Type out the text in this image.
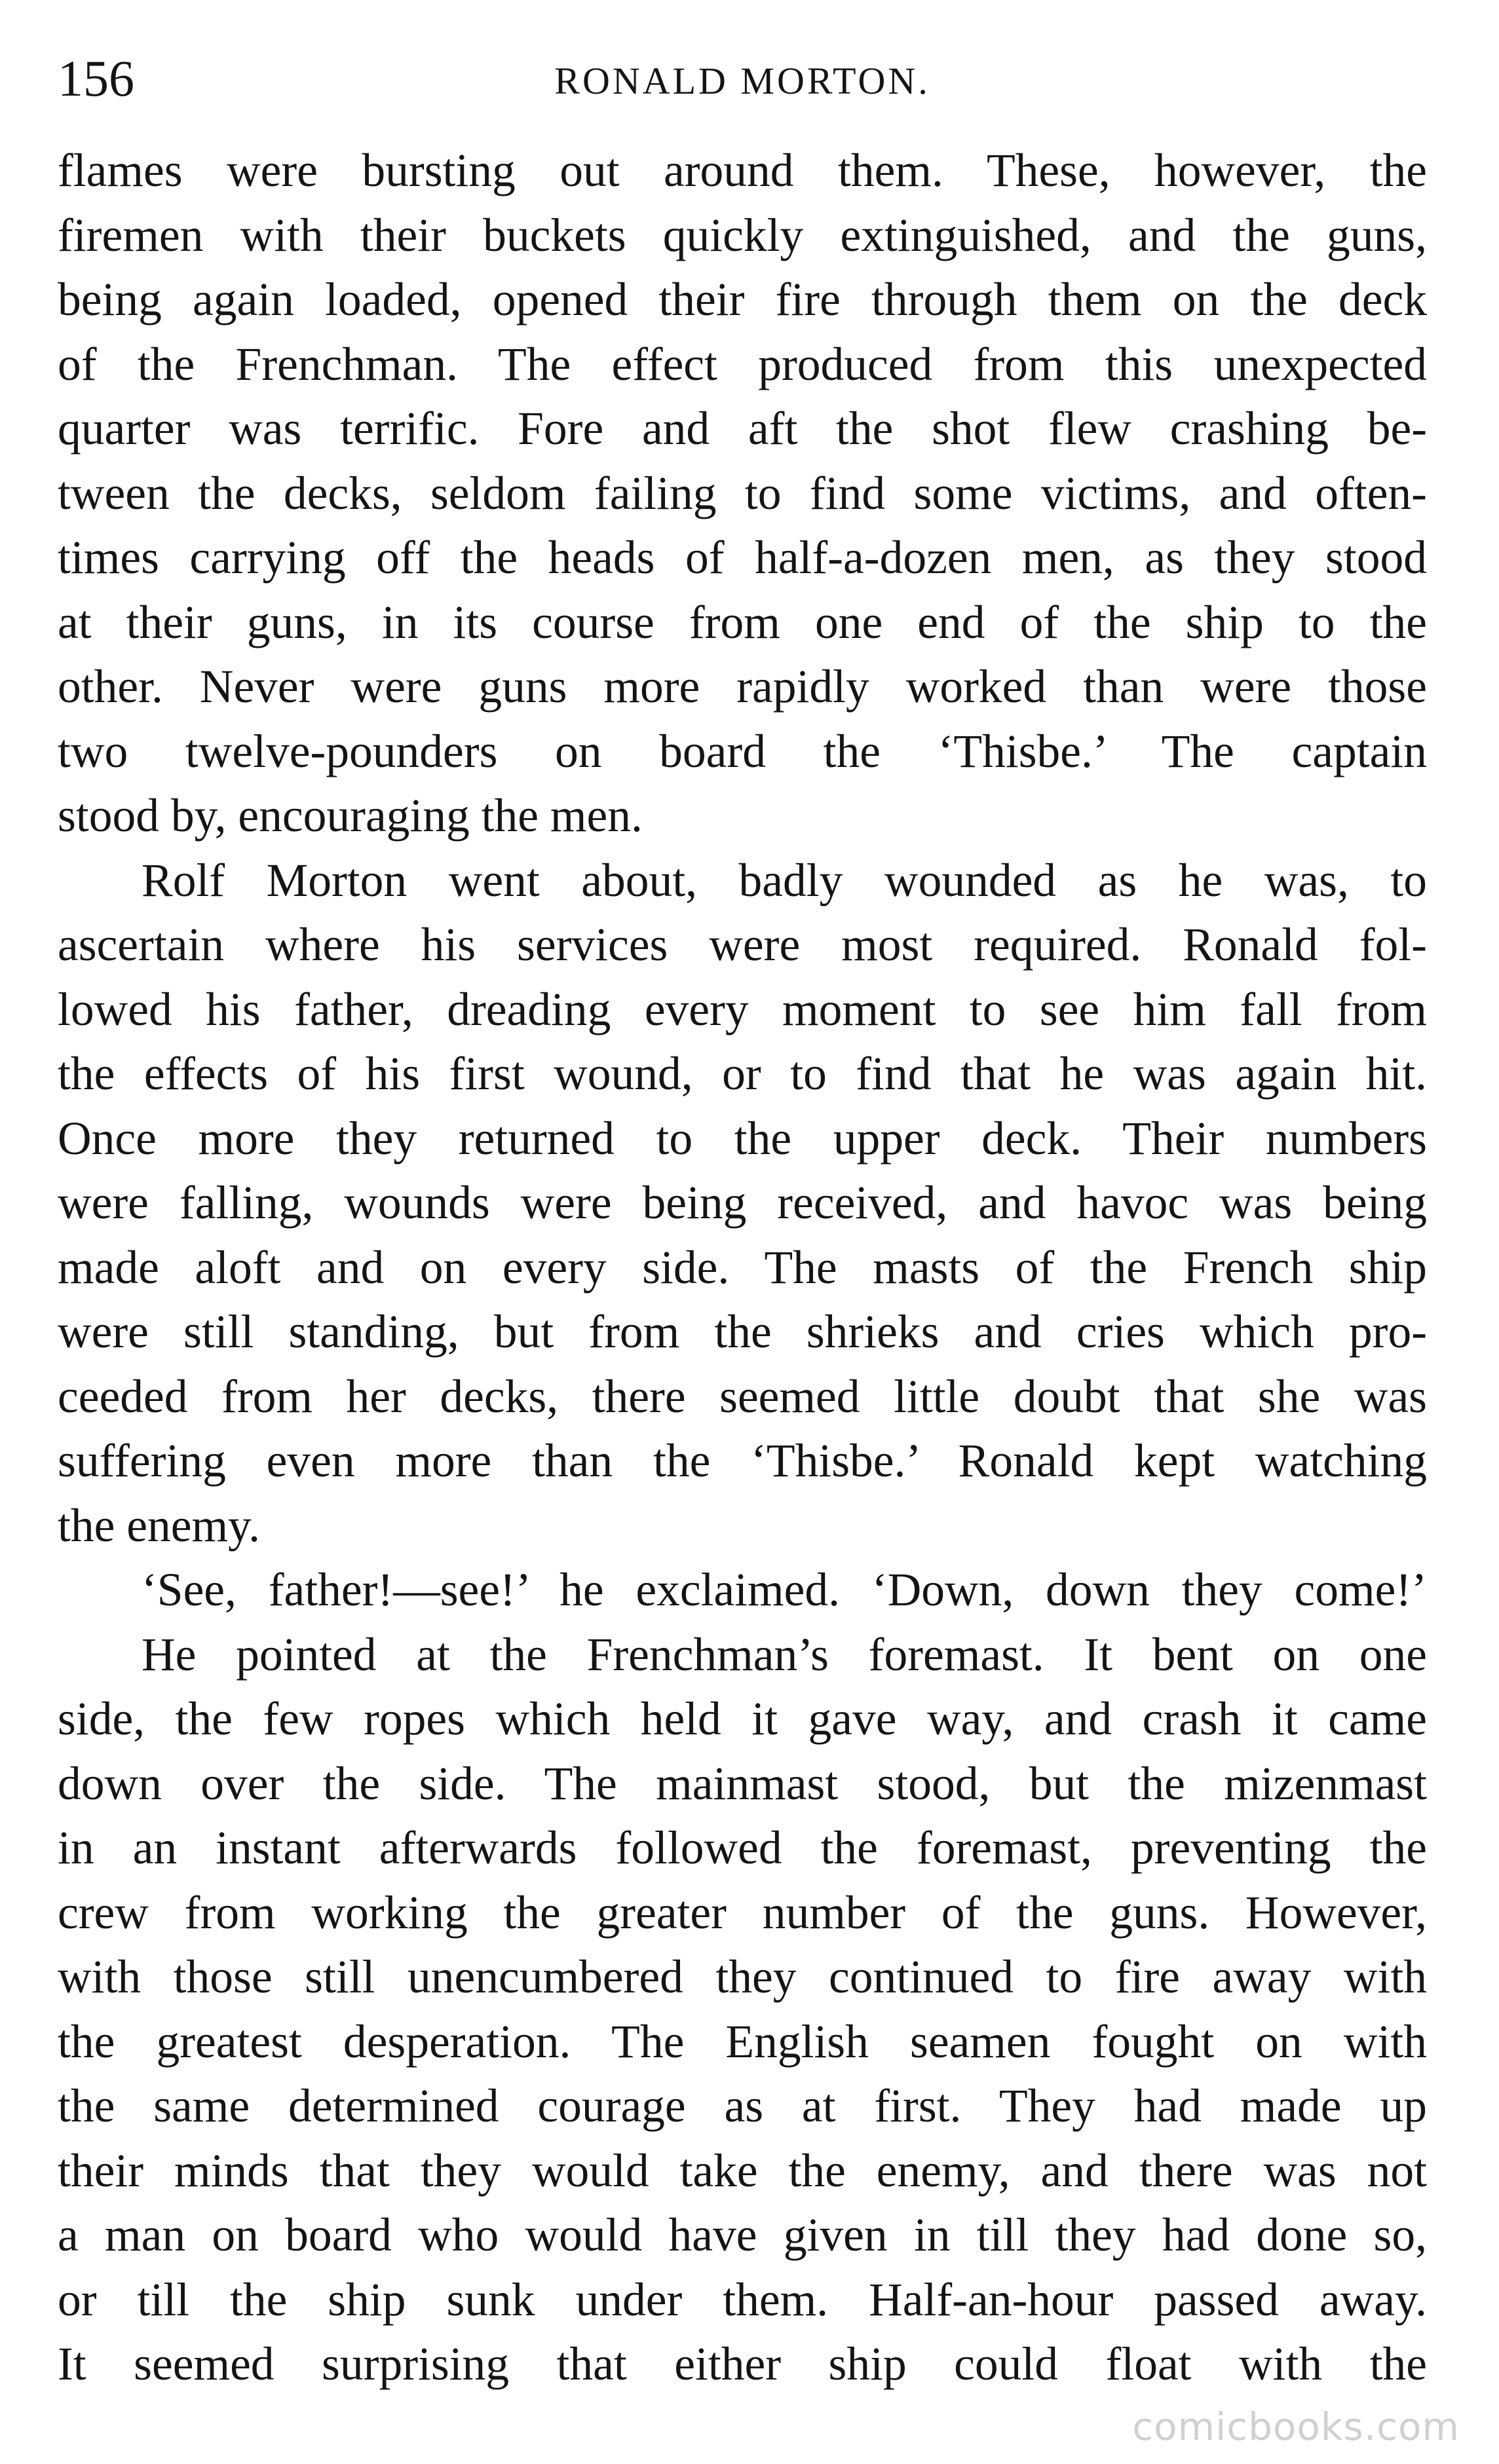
156	RONALD MORTON.
flames were bursting out around them. These, however, the
firemen with their buckets quickly extinguished, and the guns,
being again loaded, opened their fire through them on the deck
of the Frenchman. The effect produced from this unexpected
quarter was terrific. Fore and aft the shot flew crashing be-
tween the decks, seldom failing to find some victims, and often-
times carrying off the heads of half-a-dozen men, as they stood
at their guns, in its course from one end of the ship to the
other. Never were guns more rapidly worked than were those
two twelve-pounders on board the ‘Thisbe.’ The captain
stood by, encouraging the men.
Rolf Morton went about, badly wounded as he was, to
ascertain where his services were most required. Ronald fol-
lowed his father, dreading every moment to see him fall from
the effects of his first wound, or to find that he was again hit.
Once more they returned to the upper deck. Their numbers
were falling, wounds were being received, and havoc was being
made aloft and on every side. The masts of the French ship
were still standing, but from the shrieks and cries which pro-
ceeded from her decks, there seemed little doubt that she was
suffering even more than the ‘Thisbe.’ Ronald kept watching
the enemy.
‘See, father!—see!’ he exclaimed. ‘Down, down they come!’
He pointed at the Frenchman’s foremast. It bent on one
side, the few ropes which held it gave way, and crash it came
down over the side. The mainmast stood, but the mizenmast
in an instant afterwards followed the foremast, preventing the
crew from working the greater number of the guns. However,
with those still unencumbered they continued to fire away with
the greatest desperation. The English seamen fought on with
the same determined courage as at first. They had made up
their minds that they would take the enemy, and there was not
a man on board who would have given in till they had done so,
or till the ship sunk under them. Half-an-hour passed away.
It seemed surprising that either ship could float with the
comicbooks.com
